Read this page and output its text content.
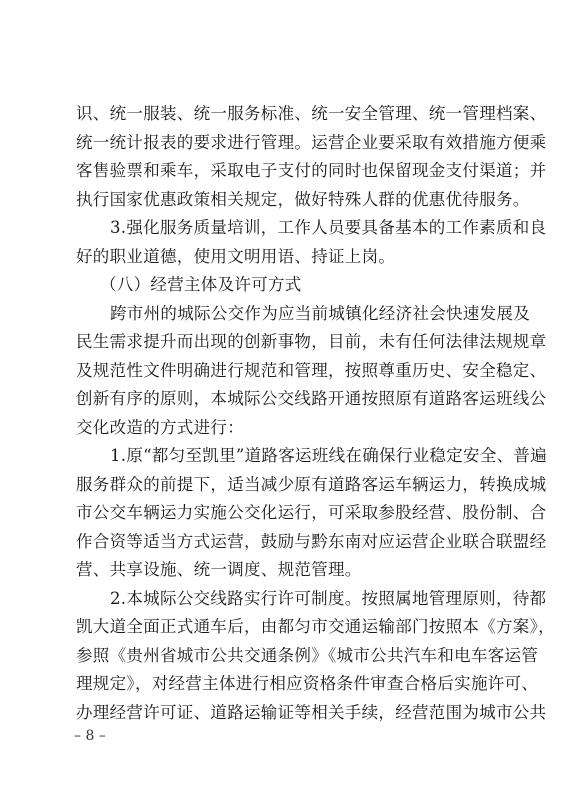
识、统一服装、统一服务标准、统一安全管理、统一管理档案、
统一统计报表的要求进行管理。运营企业要采取有效措施方便乘
客售验票和乘车，采取电子支付的同时也保留现金支付渠道；并
执行国家优惠政策相关规定，做好特殊人群的优惠优待服务。
3.强化服务质量培训，工作人员要具备基本的工作素质和良
好的职业道德，使用文明用语、持证上岗。
（八）经营主体及许可方式
跨市州的城际公交作为应当前城镇化经济社会快速发展及
民生需求提升而出现的创新事物，目前，未有任何法律法规规章
及规范性文件明确进行规范和管理，按照尊重历史、安全稳定、
创新有序的原则，本城际公交线路开通按照原有道路客运班线公
交化改造的方式进行：
1.原“都匀至凯里”道路客运班线在确保行业稳定安全、普遍
服务群众的前提下，适当减少原有道路客运车辆运力，转换成城
市公交车辆运力实施公交化运行，可采取参股经营、股份制、合
作合资等适当方式运营，鼓励与黔东南对应运营企业联合联盟经
营、共享设施、统一调度、规范管理。
2.本城际公交线路实行许可制度。按照属地管理原则，待都
凯大道全面正式通车后，由都匀市交通运输部门按照本《方案》，
参照《贵州省城市公共交通条例》《城市公共汽车和电车客运管
理规定》，对经营主体进行相应资格条件审查合格后实施许可、
办理经营许可证、道路运输证等相关手续，经营范围为城市公共
– 8 –
